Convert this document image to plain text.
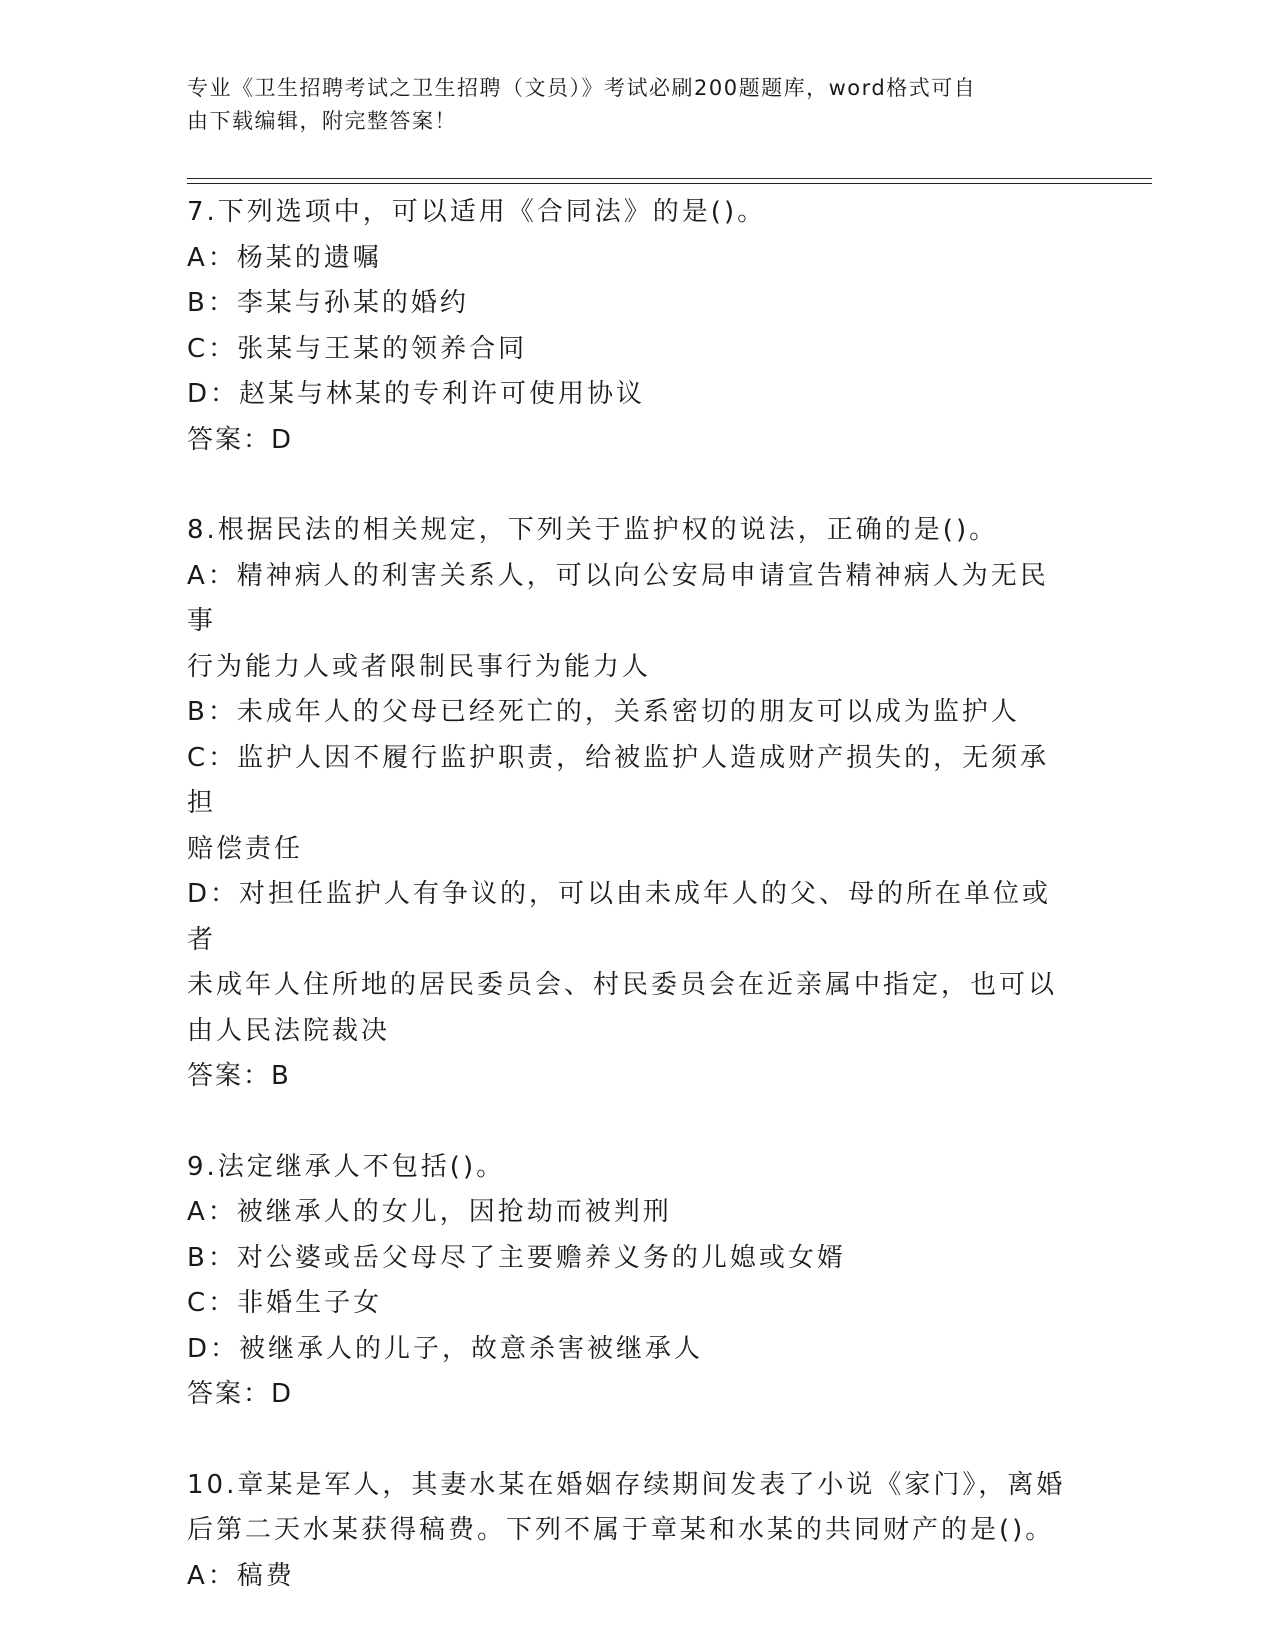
专业《卫生招聘考试之卫生招聘（文员）》考试必刷200题题库，word格式可自
由下载编辑，附完整答案！
7.下列选项中，可以适用《合同法》的是()。
A：杨某的遗嘱
B：李某与孙某的婚约
C：张某与王某的领养合同
D：赵某与林某的专利许可使用协议
答案：D
8.根据民法的相关规定，下列关于监护权的说法，正确的是()。
A：精神病人的利害关系人，可以向公安局申请宣告精神病人为无民事
行为能力人或者限制民事行为能力人
B：未成年人的父母已经死亡的，关系密切的朋友可以成为监护人
C：监护人因不履行监护职责，给被监护人造成财产损失的，无须承担
赔偿责任
D：对担任监护人有争议的，可以由未成年人的父、母的所在单位或者
未成年人住所地的居民委员会、村民委员会在近亲属中指定，也可以
由人民法院裁决
答案：B
9.法定继承人不包括()。
A：被继承人的女儿，因抢劫而被判刑
B：对公婆或岳父母尽了主要赡养义务的儿媳或女婿
C：非婚生子女
D：被继承人的儿子，故意杀害被继承人
答案：D
10.章某是军人，其妻水某在婚姻存续期间发表了小说《家门》，离婚
后第二天水某获得稿费。下列不属于章某和水某的共同财产的是()。
A：稿费
